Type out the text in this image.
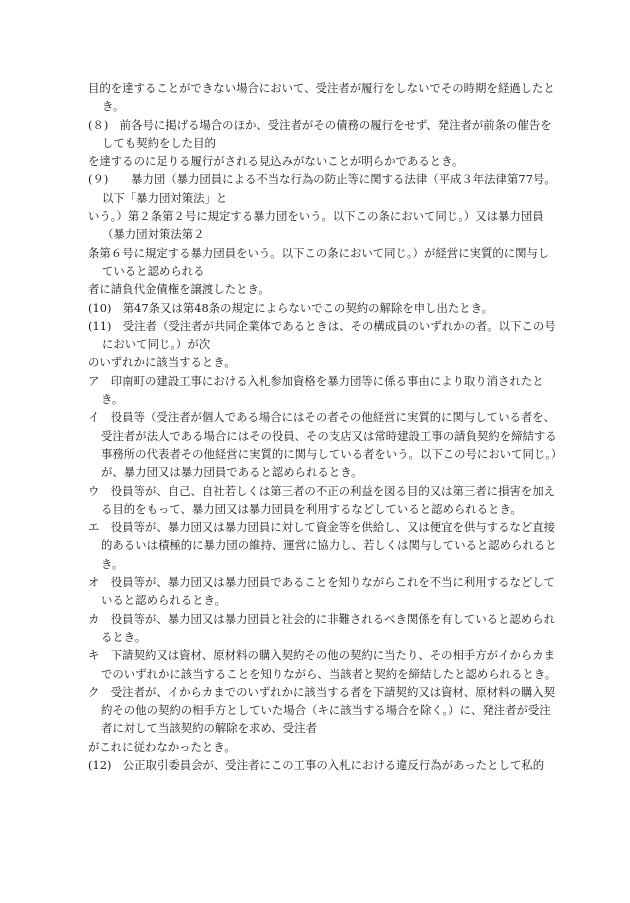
目的を達することができない場合において、受注者が履行をしないでその時期を経過したとき。

(８)　前各号に掲げる場合のほか、受注者がその債務の履行をせず、発注者が前条の催告をしても契約をした目的

を達するのに足りる履行がされる見込みがないことが明らかであるとき。

(９)　　暴力団（暴力団員による不当な行為の防止等に関する法律（平成３年法律第77号。以下「暴力団対策法」と

いう。）第２条第２号に規定する暴力団をいう。以下この条において同じ。）又は暴力団員（暴力団対策法第２

条第６号に規定する暴力団員をいう。以下この条において同じ。）が経営に実質的に関与していると認められる

者に請負代金債権を譲渡したとき。

(10)　第47条又は第48条の規定によらないでこの契約の解除を申し出たとき。

(11)　受注者（受注者が共同企業体であるときは、その構成員のいずれかの者。以下この号において同じ。）が次

のいずれかに該当するとき。

ア　印南町の建設工事における入札参加資格を暴力団等に係る事由により取り消されたとき。

イ　役員等（受注者が個人である場合にはその者その他経営に実質的に関与している者を、受注者が法人である場合にはその役員、その支店又は常時建設工事の請負契約を締結する事務所の代表者その他経営に実質的に関与している者をいう。以下この号において同じ。）が、暴力団又は暴力団員であると認められるとき。

ウ　役員等が、自己、自社若しくは第三者の不正の利益を図る目的又は第三者に損害を加える目的をもって、暴力団又は暴力団員を利用するなどしていると認められるとき。

エ　役員等が、暴力団又は暴力団員に対して資金等を供給し、又は便宜を供与するなど直接的あるいは積極的に暴力団の維持、運営に協力し、若しくは関与していると認められるとき。

オ　役員等が、暴力団又は暴力団員であることを知りながらこれを不当に利用するなどしていると認められるとき。

カ　役員等が、暴力団又は暴力団員と社会的に非難されるべき関係を有していると認められるとき。

キ　下請契約又は資材、原材料の購入契約その他の契約に当たり、その相手方がイからカまでのいずれかに該当することを知りながら、当該者と契約を締結したと認められるとき。

ク　受注者が、イからカまでのいずれかに該当する者を下請契約又は資材、原材料の購入契約その他の契約の相手方としていた場合（キに該当する場合を除く。）に、発注者が受注者に対して当該契約の解除を求め、受注者

がこれに従わなかったとき。

(12)　公正取引委員会が、受注者にこの工事の入札における違反行為があったとして私的
